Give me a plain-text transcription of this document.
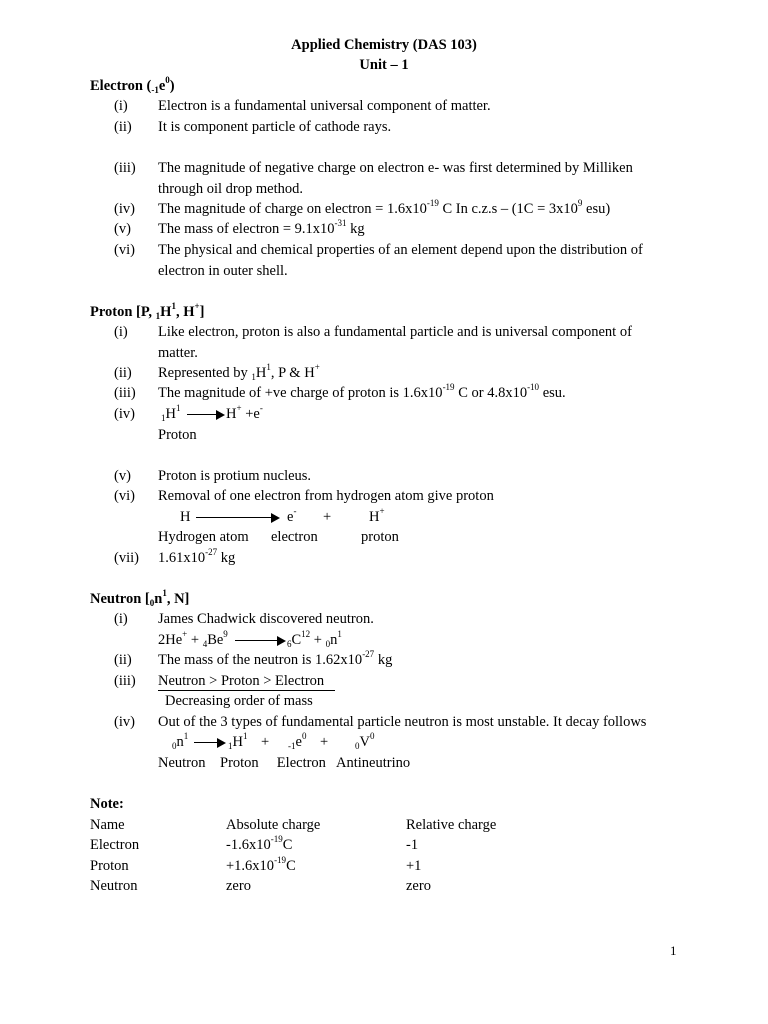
Applied Chemistry (DAS 103)
Unit – 1
Electron $(_{-1}e^0)$
(i) Electron is a fundamental universal component of matter.
(ii) It is component particle of cathode rays.
(iii) The magnitude of negative charge on electron e- was first determined by Milliken
through oil drop method.
(iv) The magnitude of charge on electron = $1.6x10^{-19}$ C In $c.z.s - (1C = 3x10^9$ esu)
(v) The mass of electron = $9.1x10^{-31}$ kg
(vi) The physical and chemical properties of an element depend upon the distribution of
electron in outer shell.
Proton [P, $_1H^1$, H+]
(i) Like electron, proton is also a fundamental particle and is universal component of
matter.
(ii) Represented by $_1H^1$, P & H+
(iii) The magnitude of +ve charge of proton is $1.6x10^{-19}$ C or $4.8x10^{-10}$ esu.
(iv)	$_1H^1$	H+ +e-
Proton
(v) Proton is protium nucleus.
(vi) Removal of one electron from hydrogen atom give proton
H	e- +	H+
Hydrogen atom electron	proton
(vii) $1.61x10^{-27}$ kg
Neutron [$_0n^1$, N]
(i) James Chadwick discovered neutron.
$2He^+ + _4Be^9$
$_6C^{12} + _0n^1$
(ii) The mass of the neutron is $1.62x10^{-27}$ kg
(iii) Neutron > Proton > Electron
Decreasing order of mass
(iv) Out of the 3 types of fundamental particle neutron is most unstable. It decay follows
$_0n^1$
$_1H^1 + _{-1}e^0$ +	$_0V^0$
Neutron    Proton     Electron   Antineutrino
Note:
Name	Absolute charge	Relative charge
Electron	$-1.6x10^{-19}C$	-1
Proton	$+1.6x10^{-19}C$	+1
Neutron	zero	zero
1
